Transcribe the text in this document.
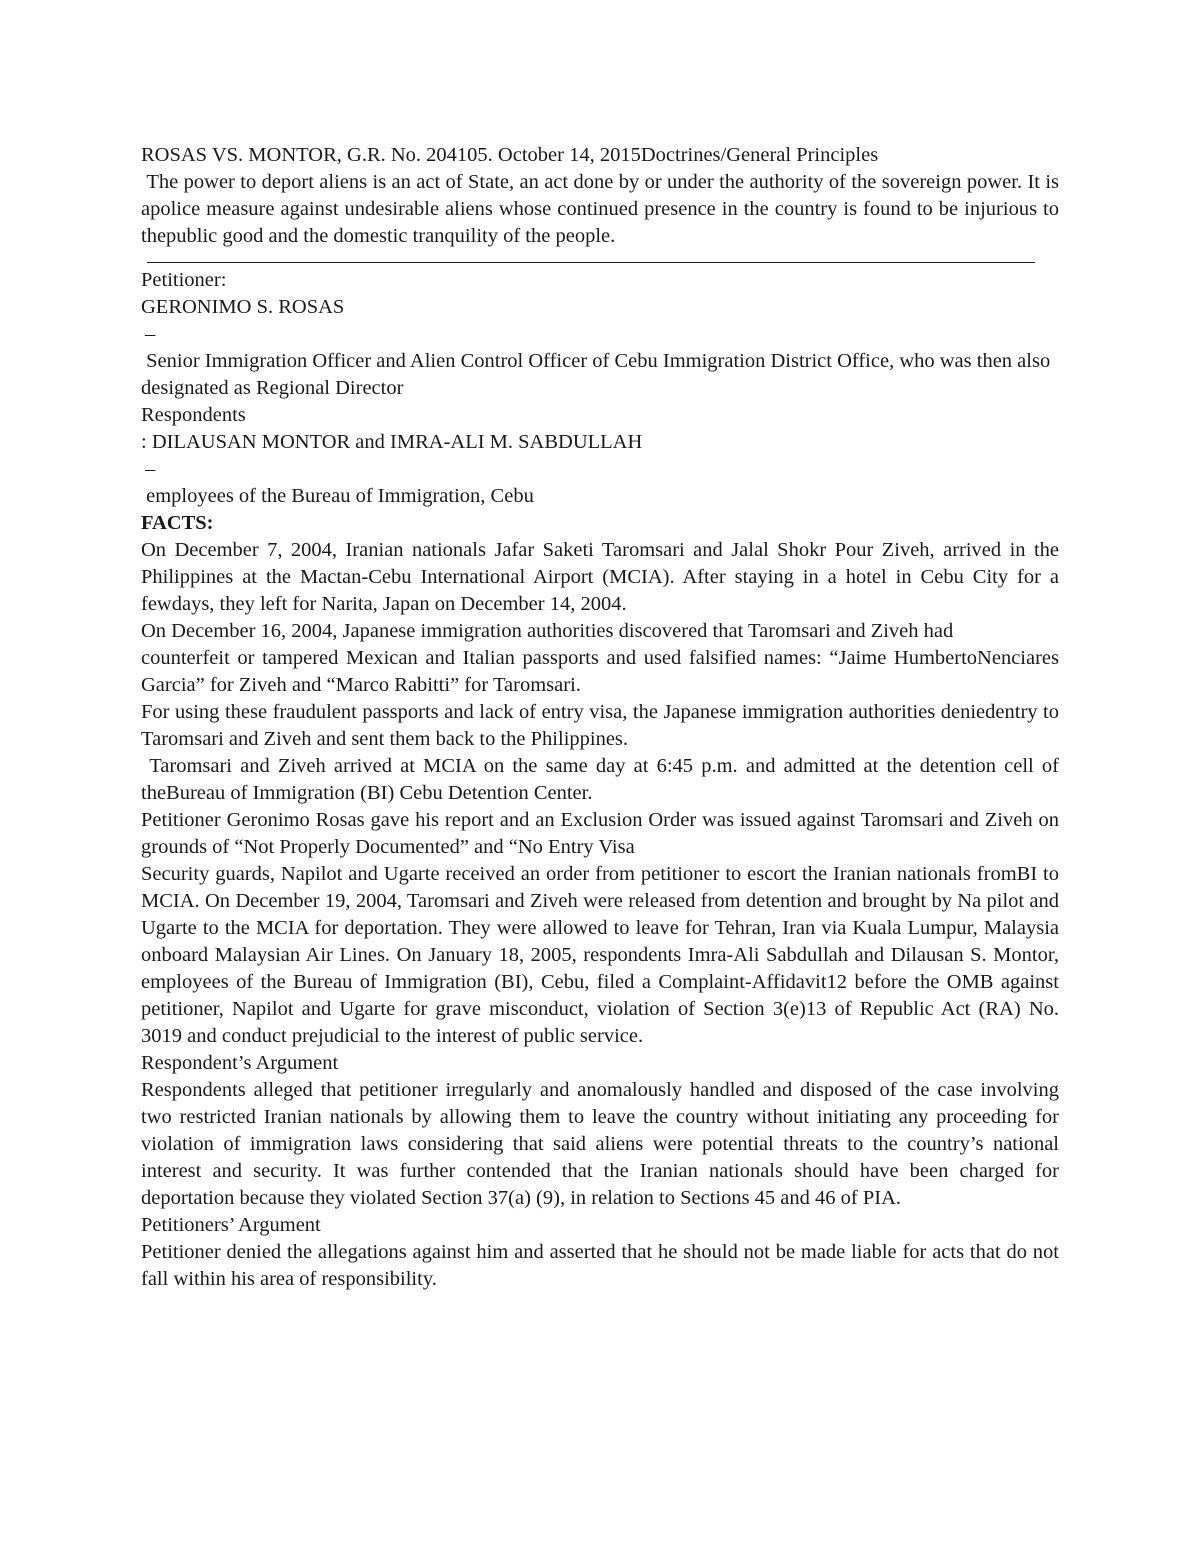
ROSAS VS. MONTOR, G.R. No. 204105. October 14, 2015Doctrines/General Principles

The power to deport aliens is an act of State, an act done by or under the authority of the sovereign power. It is apolice measure against undesirable aliens whose continued presence in the country is found to be injurious to thepublic good and the domestic tranquility of the people.

Petitioner:

GERONIMO S. ROSAS

–

Senior Immigration Officer and Alien Control Officer of Cebu Immigration District Office, who was then also designated as Regional Director

Respondents

: DILAUSAN MONTOR and IMRA-ALI M. SABDULLAH

–

employees of the Bureau of Immigration, Cebu

FACTS:

On December 7, 2004, Iranian nationals Jafar Saketi Taromsari and Jalal Shokr Pour Ziveh, arrived in the Philippines at the Mactan-Cebu International Airport (MCIA). After staying in a hotel in Cebu City for a fewdays, they left for Narita, Japan on December 14, 2004.

On December 16, 2004, Japanese immigration authorities discovered that Taromsari and Ziveh had

counterfeit or tampered Mexican and Italian passports and used falsified names: “Jaime HumbertoNenciares Garcia” for Ziveh and “Marco Rabitti” for Taromsari.

For using these fraudulent passports and lack of entry visa, the Japanese immigration authorities deniedentry to Taromsari and Ziveh and sent them back to the Philippines.

Taromsari and Ziveh arrived at MCIA on the same day at 6:45 p.m. and admitted at the detention cell of theBureau of Immigration (BI) Cebu Detention Center.

Petitioner Geronimo Rosas gave his report and an Exclusion Order was issued against Taromsari and Ziveh on grounds of “Not Properly Documented” and “No Entry Visa

Security guards, Napilot and Ugarte received an order from petitioner to escort the Iranian nationals fromBI to MCIA. On December 19, 2004, Taromsari and Ziveh were released from detention and brought by Na pilot and Ugarte to the MCIA for deportation. They were allowed to leave for Tehran, Iran via Kuala Lumpur, Malaysia onboard Malaysian Air Lines. On January 18, 2005, respondents Imra-Ali Sabdullah and Dilausan S. Montor, employees of the Bureau of Immigration (BI), Cebu, filed a Complaint-Affidavit12 before the OMB against petitioner, Napilot and Ugarte for grave misconduct, violation of Section 3(e)13 of Republic Act (RA) No. 3019 and conduct prejudicial to the interest of public service.

Respondent’s Argument

Respondents alleged that petitioner irregularly and anomalously handled and disposed of the case involving two restricted Iranian nationals by allowing them to leave the country without initiating any proceeding for violation of immigration laws considering that said aliens were potential threats to the country’s national interest and security. It was further contended that the Iranian nationals should have been charged for deportation because they violated Section 37(a) (9), in relation to Sections 45 and 46 of PIA.

Petitioners’ Argument

Petitioner denied the allegations against him and asserted that he should not be made liable for acts that do not fall within his area of responsibility.
